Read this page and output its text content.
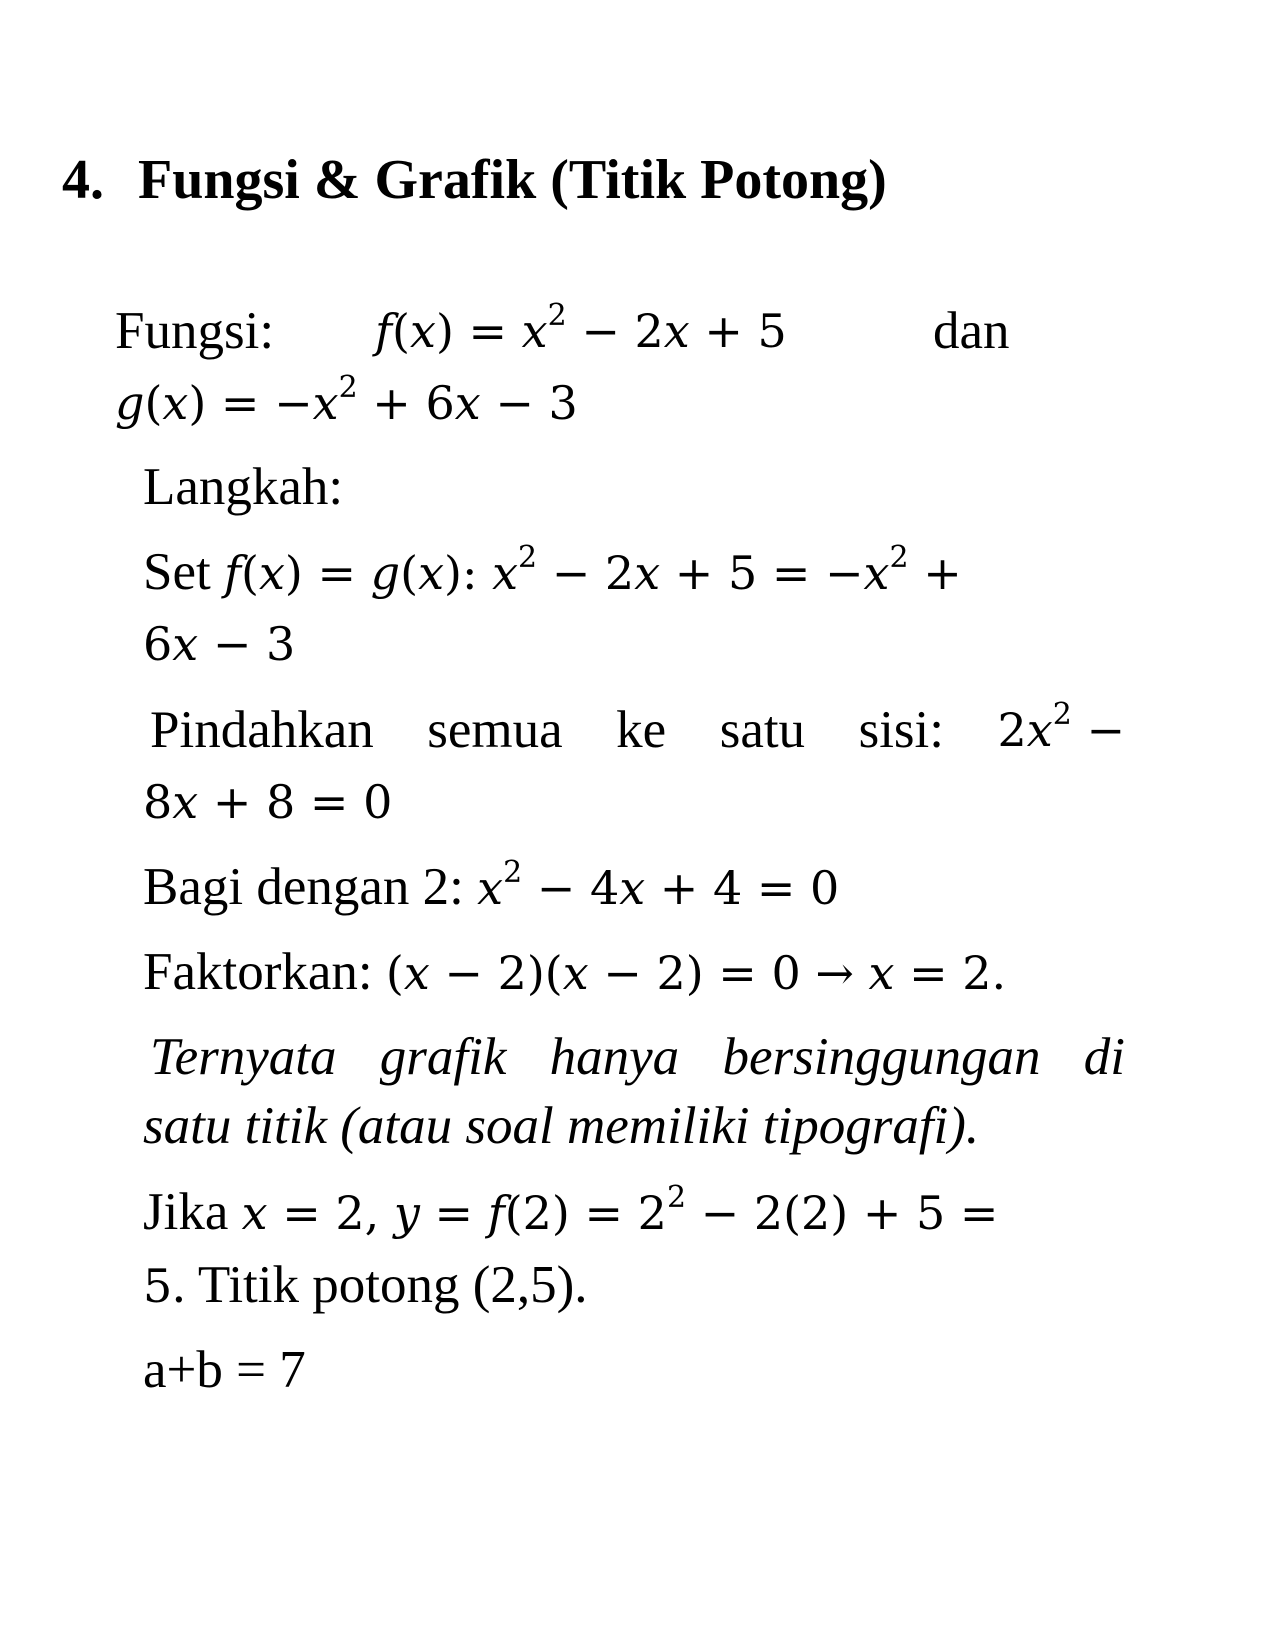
4. Fungsi & Grafik (Titik Potong)
Fungsi: $f(x) = x^2 - 2x + 5$	dan
$g(x) = -x^2 + 6x - 3$
Langkah:
Set f(x) = g(x): $x^2 - 2x + 5 = -x^2$ +
6x − 3
Pindahkan semua ke satu sisi: $2x^2$ −
8x + 8 = 0
Bagi dengan 2: $x^2 - 4x + 4 = 0$
Faktorkan: (x − 2)(x − 2) = 0 → x = 2.
Ternyata grafik hanya bersinggungan di
satu titik (atau soal memiliki tipografi).
Jika x = 2, $y = f(2) = 2^2 - 2(2) + 5$ =
5. Titik potong (2,5).
a+b = 7
